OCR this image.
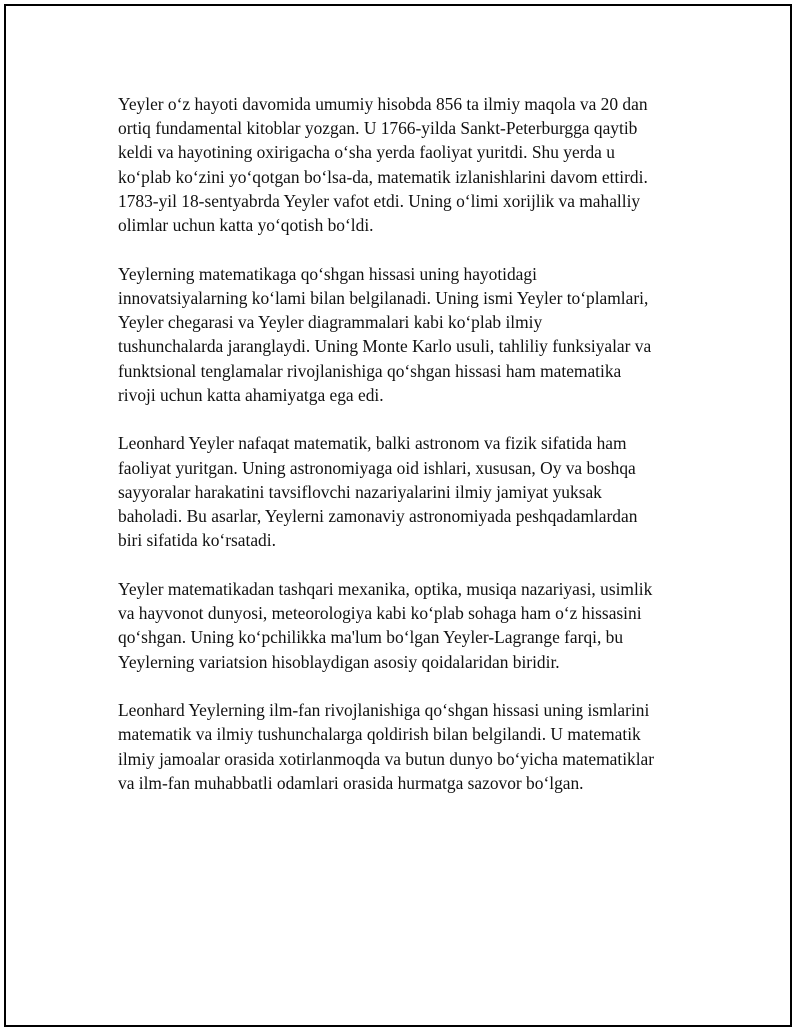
Yeyler o‘z hayoti davomida umumiy hisobda 856 ta ilmiy maqola va 20 dan
ortiq fundamental kitoblar yozgan. U 1766-yilda Sankt-Peterburgga qaytib
keldi va hayotining oxirigacha o‘sha yerda faoliyat yuritdi. Shu yerda u
ko‘plab ko‘zini yo‘qotgan bo‘lsa-da, matematik izlanishlarini davom ettirdi.
1783-yil 18-sentyabrda Yeyler vafot etdi. Uning o‘limi xorijlik va mahalliy
olimlar uchun katta yo‘qotish bo‘ldi.

Yeylerning matematikaga qo‘shgan hissasi uning hayotidagi
innovatsiyalarning ko‘lami bilan belgilanadi. Uning ismi Yeyler to‘plamlari,
Yeyler chegarasi va Yeyler diagrammalari kabi ko‘plab ilmiy
tushunchalarda jaranglaydi. Uning Monte Karlo usuli, tahliliy funksiyalar va
funktsional tenglamalar rivojlanishiga qo‘shgan hissasi ham matematika
rivoji uchun katta ahamiyatga ega edi.

Leonhard Yeyler nafaqat matematik, balki astronom va fizik sifatida ham
faoliyat yuritgan. Uning astronomiyaga oid ishlari, xususan, Oy va boshqa
sayyoralar harakatini tavsiflovchi nazariyalarini ilmiy jamiyat yuksak
baholadi. Bu asarlar, Yeylerni zamonaviy astronomiyada peshqadamlardan
biri sifatida ko‘rsatadi.

Yeyler matematikadan tashqari mexanika, optika, musiqa nazariyasi, usimlik
va hayvonot dunyosi, meteorologiya kabi ko‘plab sohaga ham o‘z hissasini
qo‘shgan. Uning ko‘pchilikka ma'lum bo‘lgan Yeyler-Lagrange farqi, bu
Yeylerning variatsion hisoblaydigan asosiy qoidalaridan biridir.

Leonhard Yeylerning ilm-fan rivojlanishiga qo‘shgan hissasi uning ismlarini
matematik va ilmiy tushunchalarga qoldirish bilan belgilandi. U matematik
ilmiy jamoalar orasida xotirlanmoqda va butun dunyo bo‘yicha matematiklar
va ilm-fan muhabbatli odamlari orasida hurmatga sazovor bo‘lgan.
